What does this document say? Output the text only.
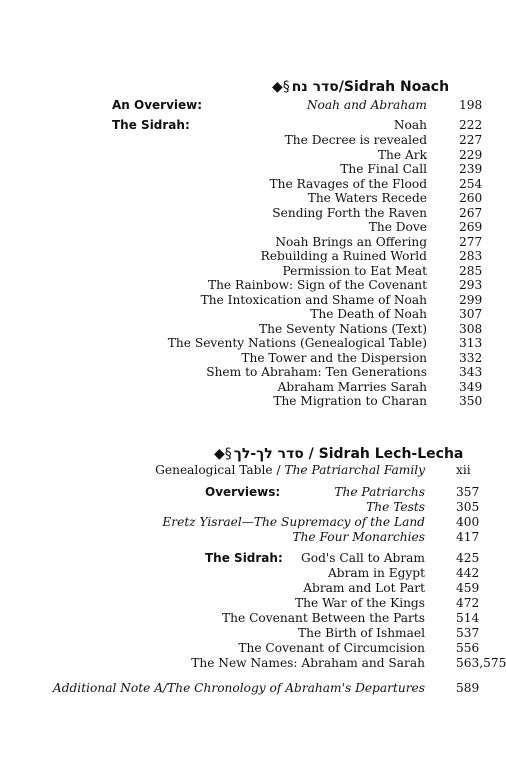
◆§ סדר נח/Sidrah Noach
An Overview:	Noah and Abraham	198
The Sidrah:	Noah	222
The Decree is revealed	227
The Ark	229
The Final Call	239
The Ravages of the Flood	254
The Waters Recede	260
Sending Forth the Raven	267
The Dove	269
Noah Brings an Offering	277
Rebuilding a Ruined World	283
Permission to Eat Meat	285
The Rainbow: Sign of the Covenant	293
The Intoxication and Shame of Noah	299
The Death of Noah	307
The Seventy Nations (Text)	308
The Seventy Nations (Genealogical Table)	313
The Tower and the Dispersion	332
Shem to Abraham: Ten Generations	343
Abraham Marries Sarah	349
The Migration to Charan	350
◆§ סדר לך-לך / Sidrah Lech-Lecha
Genealogical Table / The Patriarchal Family	xii
Overviews:	The Patriarchs	357
The Tests	305
Eretz Yisrael—The Supremacy of the Land	400
The Four Monarchies	417
The Sidrah: God's Call to Abram	425
Abram in Egypt	442
Abram and Lot Part	459
The War of the Kings	472
The Covenant Between the Parts	514
The Birth of Ishmael	537
The Covenant of Circumcision	556
The New Names: Abraham and Sarah	563,575
Additional Note A/The Chronology of Abraham's Departures	589
